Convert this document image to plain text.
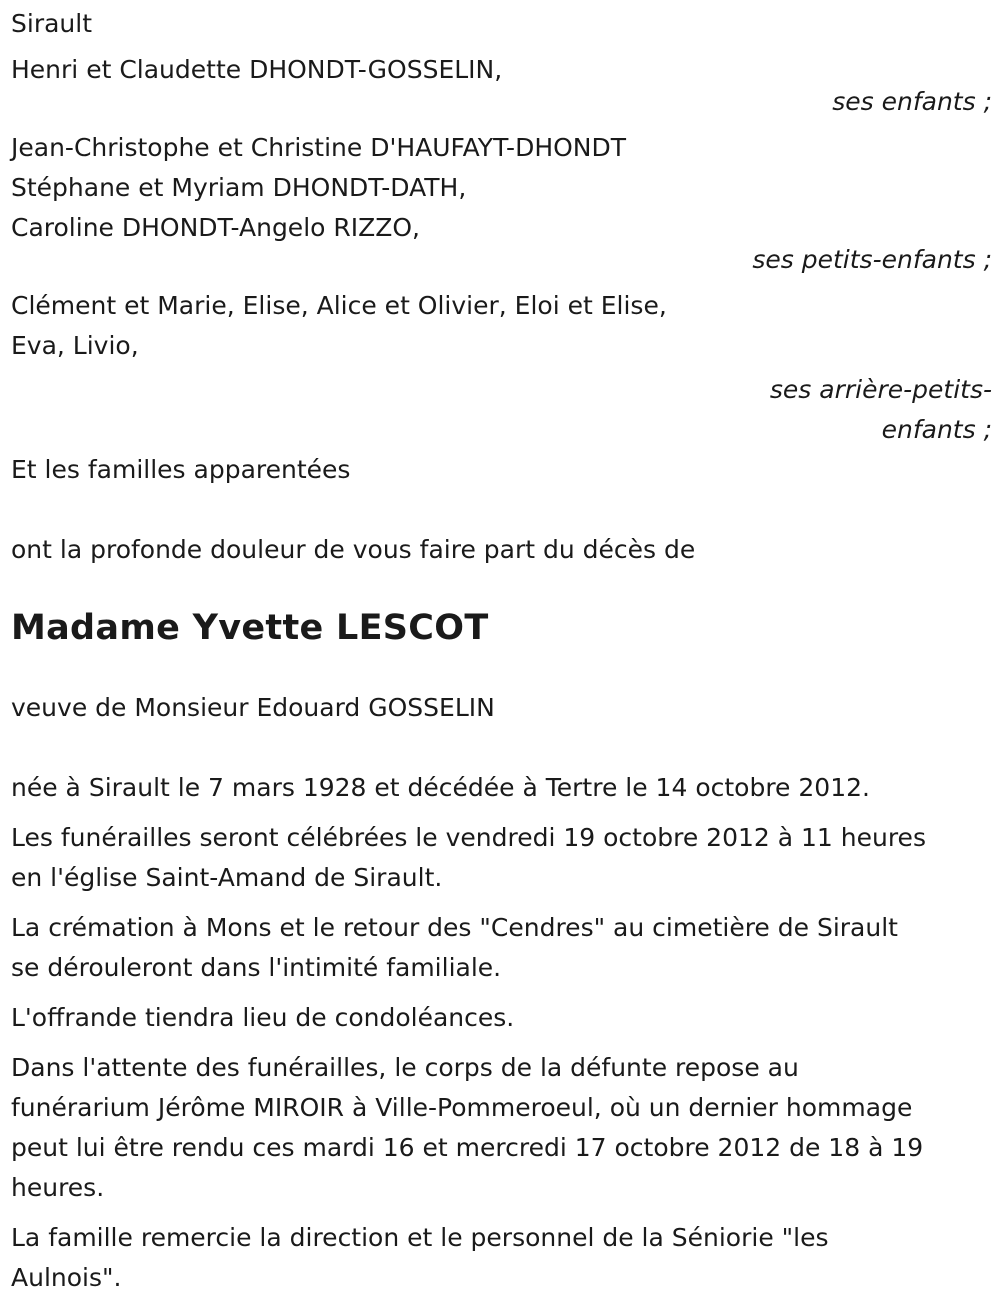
Sirault
Henri et Claudette DHONDT-GOSSELIN,
ses enfants ;
Jean-Christophe et Christine D'HAUFAYT-DHONDT
Stéphane et Myriam DHONDT-DATH,
Caroline DHONDT-Angelo RIZZO,
ses petits-enfants ;
Clément et Marie, Elise, Alice et Olivier, Eloi et Elise,
Eva, Livio,
ses arrière-petits-
enfants ;
Et les familles apparentées
ont la profonde douleur de vous faire part du décès de
Madame Yvette LESCOT
veuve de Monsieur Edouard GOSSELIN
née à Sirault le 7 mars 1928 et décédée à Tertre le 14 octobre 2012.
Les funérailles seront célébrées le vendredi 19 octobre 2012 à 11 heures
en l'église Saint-Amand de Sirault.
La crémation à Mons et le retour des "Cendres" au cimetière de Sirault
se dérouleront dans l'intimité familiale.
L'offrande tiendra lieu de condoléances.
Dans l'attente des funérailles, le corps de la défunte repose au
funérarium Jérôme MIROIR à Ville-Pommeroeul, où un dernier hommage
peut lui être rendu ces mardi 16 et mercredi 17 octobre 2012 de 18 à 19
heures.
La famille remercie la direction et le personnel de la Séniorie "les
Aulnois".
